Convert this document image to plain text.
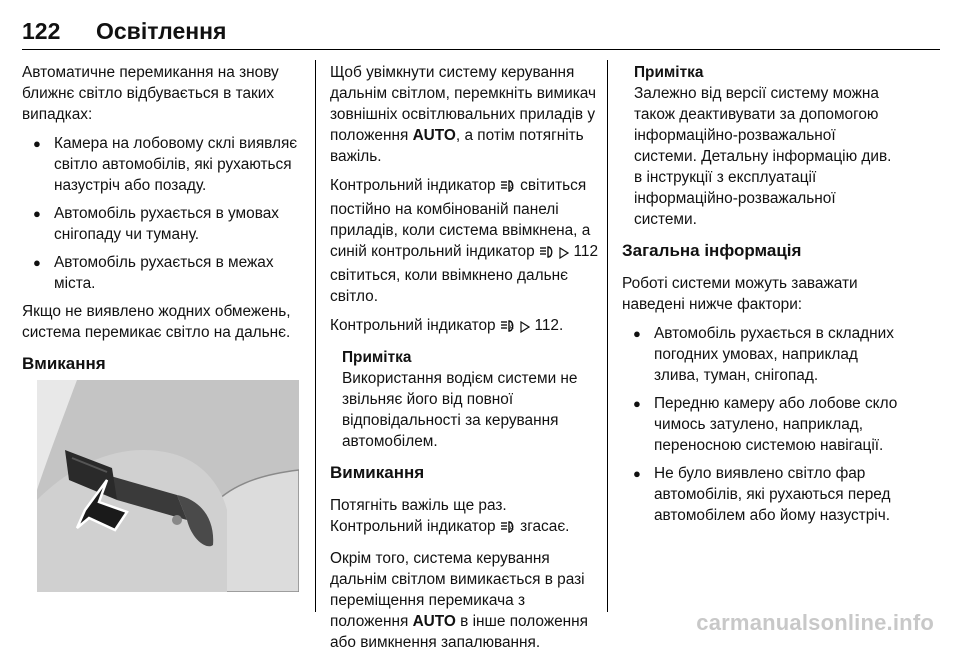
122 Освітлення

Автоматичне перемикання на знову ближнє світло відбувається в таких випадках:

● Камера на лобовому склі виявляє світло автомобілів, які рухаються назустріч або позаду.
● Автомобіль рухається в умовах снігопаду чи туману.
● Автомобіль рухається в межах міста.

Якщо не виявлено жодних обмежень, система перемикає світло на дальнє.

Вмикання

Щоб увімкнути систему керування дальнім світлом, перемкніть вимикач зовнішніх освітлювальних приладів у положення AUTO, а потім потягніть важіль.

Контрольний індикатор A світиться постійно на комбінованій панелі приладів, коли система ввімкнена, а синій контрольний індикатор   112 світиться, коли ввімкнено дальнє світло.

Контрольний індикатор A 112.

Примітка
Використання водієм системи не звільняє його від повної відповідальності за керування автомобілем.
Вимикання

Потягніть важіль ще раз. Контрольний індикатор A згасає.

Окрім того, система керування дальнім світлом вимикається в разі переміщення перемикача з положення AUTO в інше положення або вимкнення запалювання.

Примітка
Залежно від версії систему можна також деактивувати за допомогою інформаційно-розважальної системи. Детальну інформацію див. в інструкції з експлуатації інформаційно-розважальної системи.
Загальна інформація

Роботі системи можуть заважати наведені нижче фактори:

● Автомобіль рухається в складних погодних умовах, наприклад злива, туман, снігопад.
● Передню камеру або лобове скло чимось затулено, наприклад, переносною системою навігації.
● Не було виявлено світло фар автомобілів, які рухаються перед автомобілем або йому назустріч.
carmanualsonline.info
